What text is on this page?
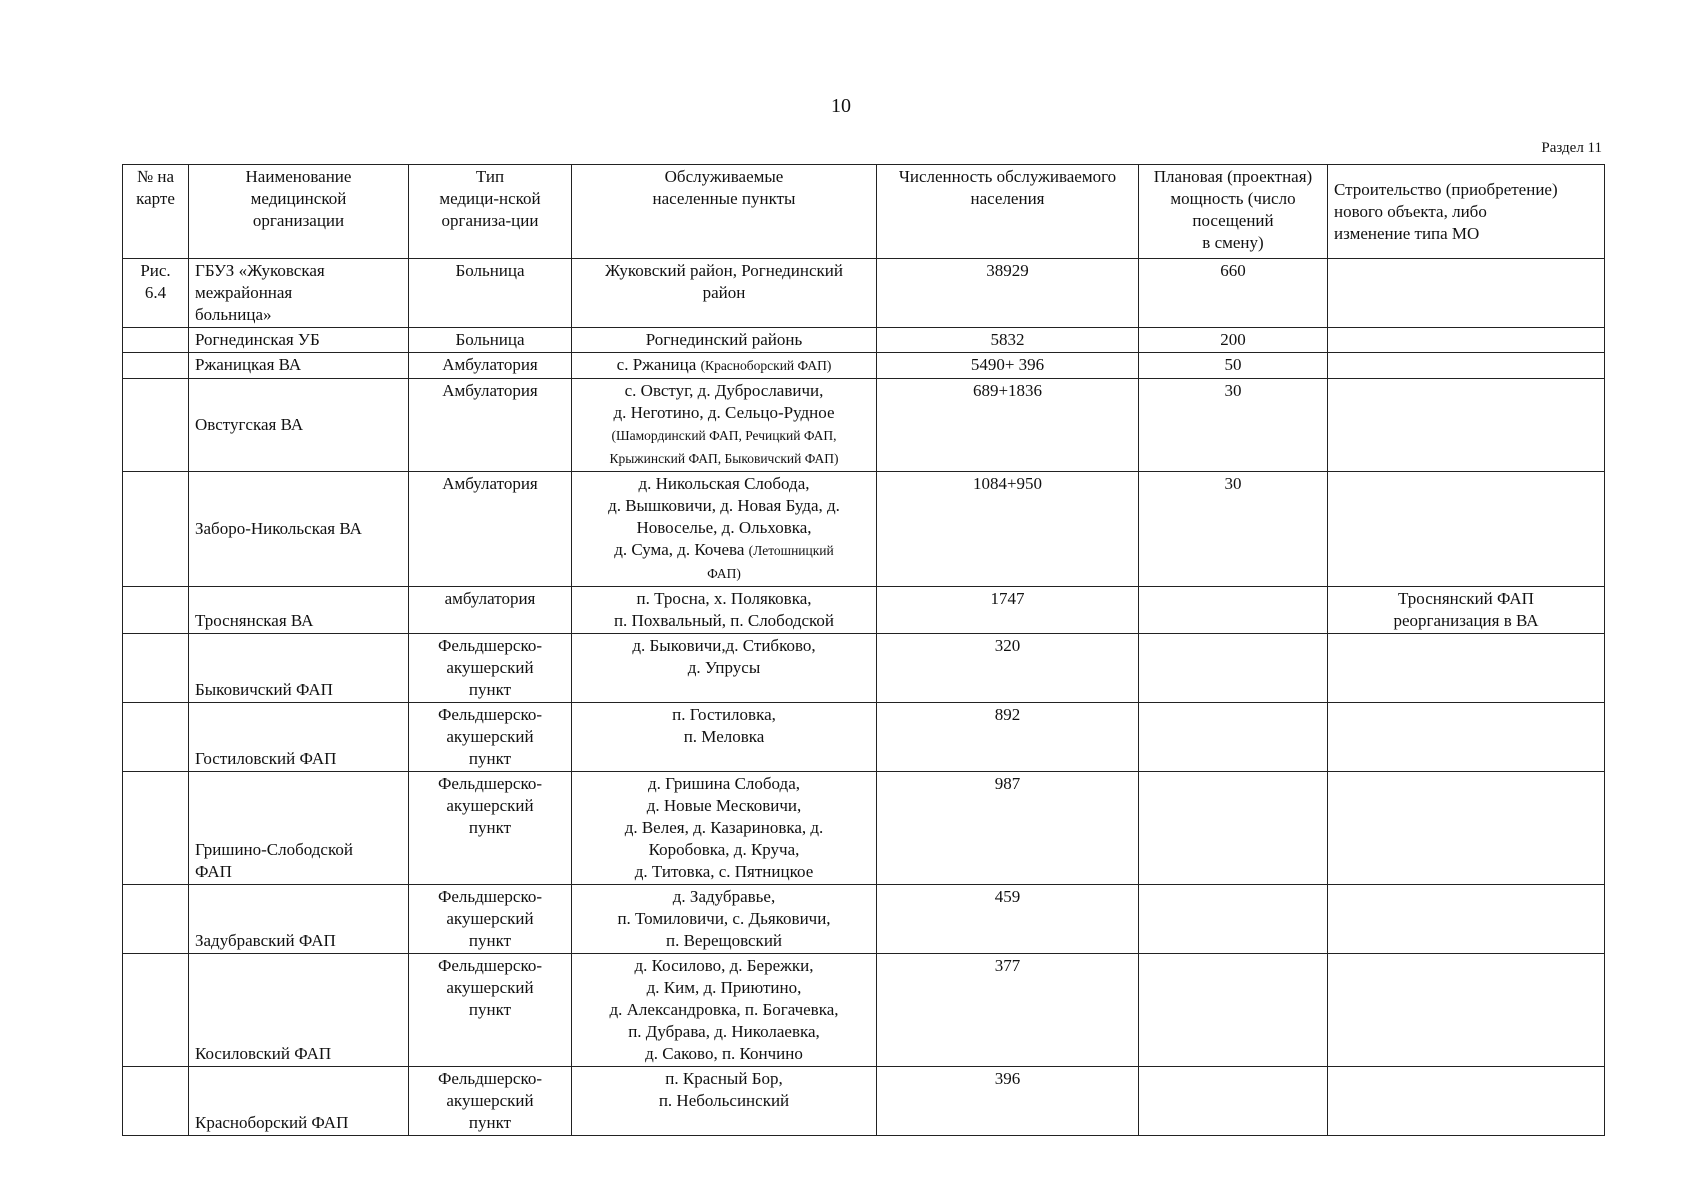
10
Раздел 11
№ на
карте	Наименование
медицинской
организации	Тип
медици-нской
организа-ции	Обслуживаемые
населенные пункты	Численность обслуживаемого
населения	Плановая (проектная)
мощность (число
посещений
в смену)	Строительство (приобретение)
нового объекта, либо
изменение типа МО

Рис.
6.4	ГБУЗ «Жуковская
межрайонная
больница»	Больница	Жуковский район, Рогнединский
район	38929	660	

	Рогнединская УБ	Больница	Рогнединский районь	5832	200	

	Ржаницкая ВА	Амбулатория	с. Ржаница (Красноборский ФАП)	5490+ 396	50	

	Овстугская ВА	Амбулатория	с. Овстуг, д. Дуброславичи,
д. Неготино, д. Сельцо-Рудное
(Шамординский ФАП, Речицкий ФАП,
Крыжинский ФАП, Быковичский ФАП)	689+1836	30	

	Заборо-Никольская ВА	Амбулатория	д. Никольская Слобода,
д. Вышковичи, д. Новая Буда, д.
Новоселье, д. Ольховка,
д. Сума, д. Кочева (Летошницкий
ФАП)	1084+950	30	

	Троснянская ВА	амбулатория	п. Тросна, х. Поляковка,
п. Похвальный, п. Слободской	1747		Троснянский ФАП
реорганизация в ВА

	Быковичский ФАП	Фельдшерско-
акушерский
пункт	д. Быковичи,д. Стибково,
д. Упрусы	320		

	Гостиловский ФАП	Фельдшерско-
акушерский
пункт	п. Гостиловка,
п. Меловка	892		

	Гришино-Слободской
ФАП	Фельдшерско-
акушерский
пункт	д. Гришина Слобода,
д. Новые Месковичи,
д. Велея, д. Казариновка, д.
Коробовка, д. Круча,
д. Титовка, с. Пятницкое	987		

	Задубравский ФАП	Фельдшерско-
акушерский
пункт	д. Задубравье,
п. Томиловичи, с. Дьяковичи,
п. Верещовский	459		

	Косиловский ФАП	Фельдшерско-
акушерский
пункт	д. Косилово, д. Бережки,
д. Ким, д. Приютино,
д. Александровка, п. Богачевка,
п. Дубрава, д. Николаевка,
д. Саково, п. Кончино	377		

	Красноборский ФАП	Фельдшерско-
акушерский
пункт	п. Красный Бор,
п. Небольсинский	396		
